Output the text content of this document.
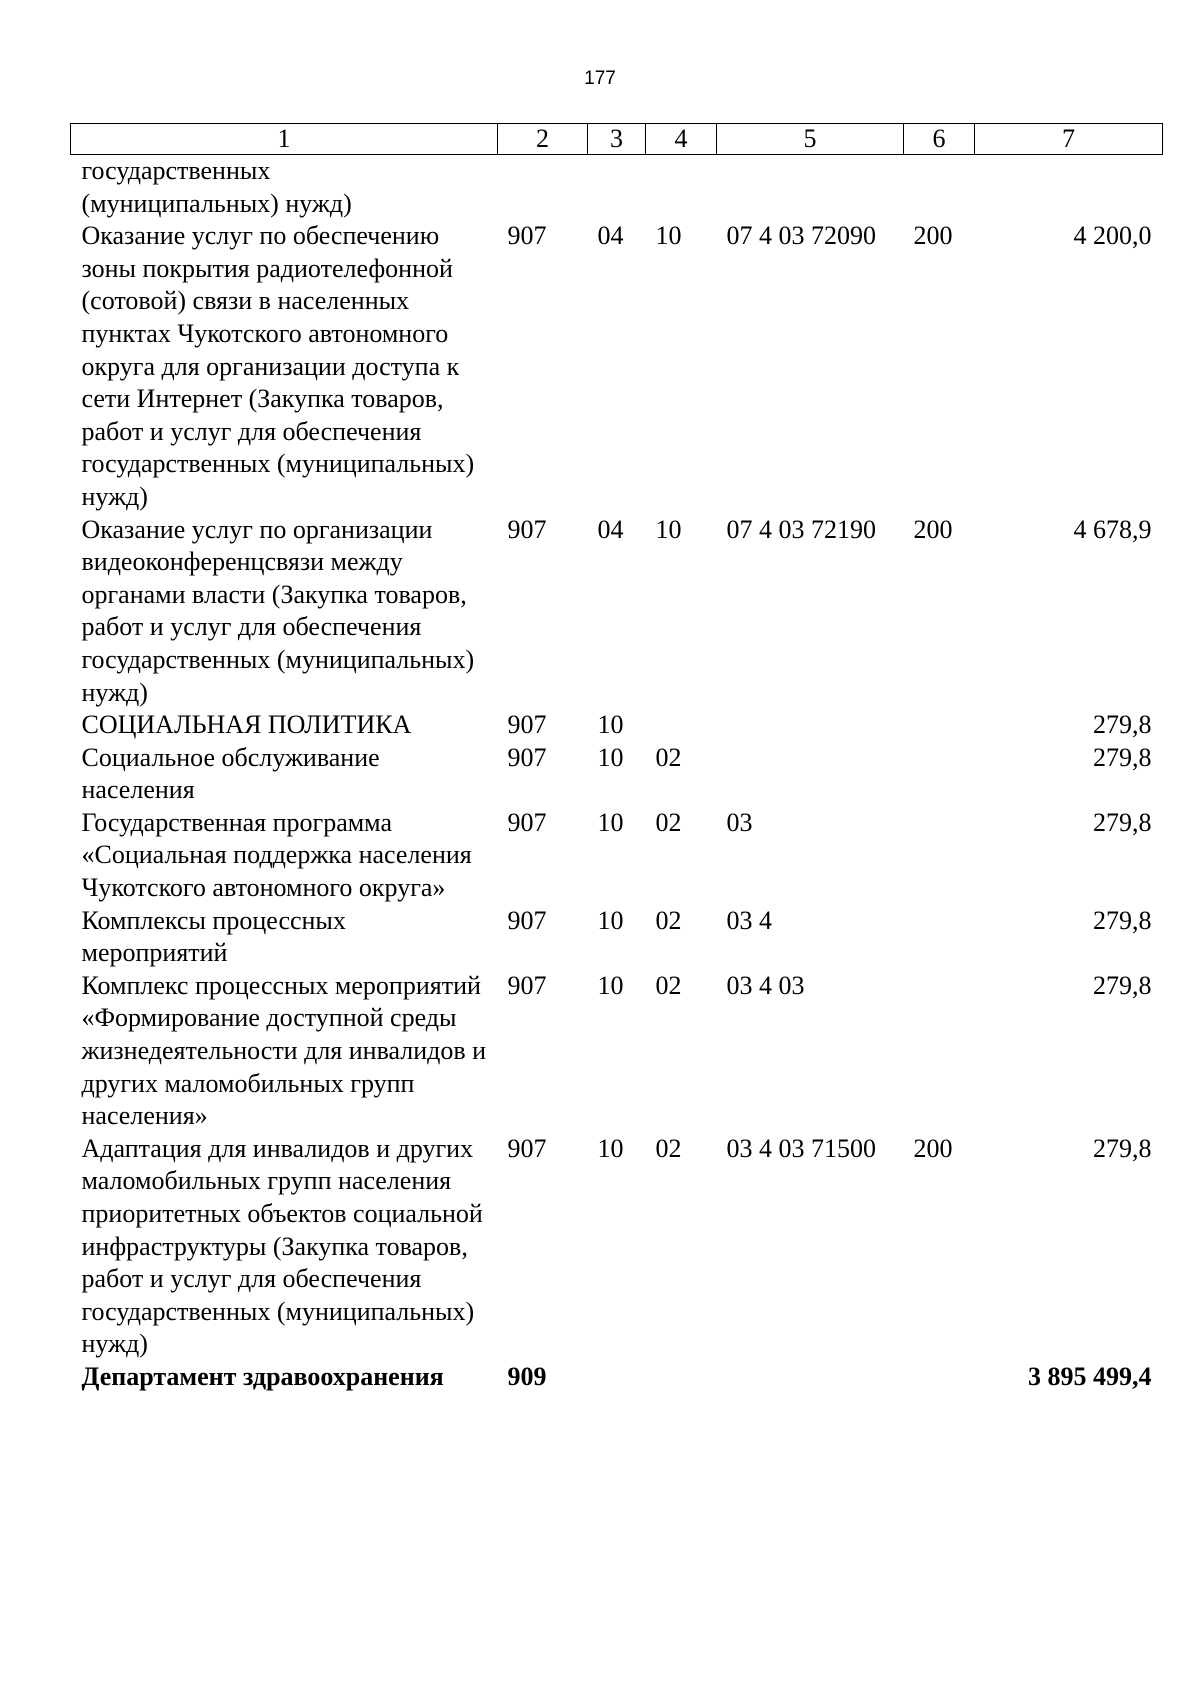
177
1	2	3	4	5	6	7
государственных
(муниципальных) нужд)						
Оказание услуг по обеспечению зоны покрытия радиотелефонной (сотовой) связи в населенных пунктах Чукотского автономного округа для организации доступа к сети Интернет (Закупка товаров, работ и услуг для обеспечения государственных (муниципальных) нужд)	907	04	10	07 4 03 72090	200	4 200,0
Оказание услуг по организации видеоконференцсвязи между органами власти (Закупка товаров, работ и услуг для обеспечения государственных (муниципальных) нужд)	907	04	10	07 4 03 72190	200	4 678,9
СОЦИАЛЬНАЯ ПОЛИТИКА	907	10				279,8
Социальное обслуживание населения	907	10	02			279,8
Государственная программа «Социальная поддержка населения Чукотского автономного округа»	907	10	02	03		279,8
Комплексы процессных мероприятий	907	10	02	03 4		279,8
Комплекс процессных мероприятий «Формирование доступной среды жизнедеятельности для инвалидов и других маломобильных групп населения»	907	10	02	03 4 03		279,8
Адаптация для инвалидов и других маломобильных групп населения приоритетных объектов социальной инфраструктуры (Закупка товаров, работ и услуг для обеспечения государственных (муниципальных) нужд)	907	10	02	03 4 03 71500	200	279,8
Департамент здравоохранения	909					3 895 499,4
